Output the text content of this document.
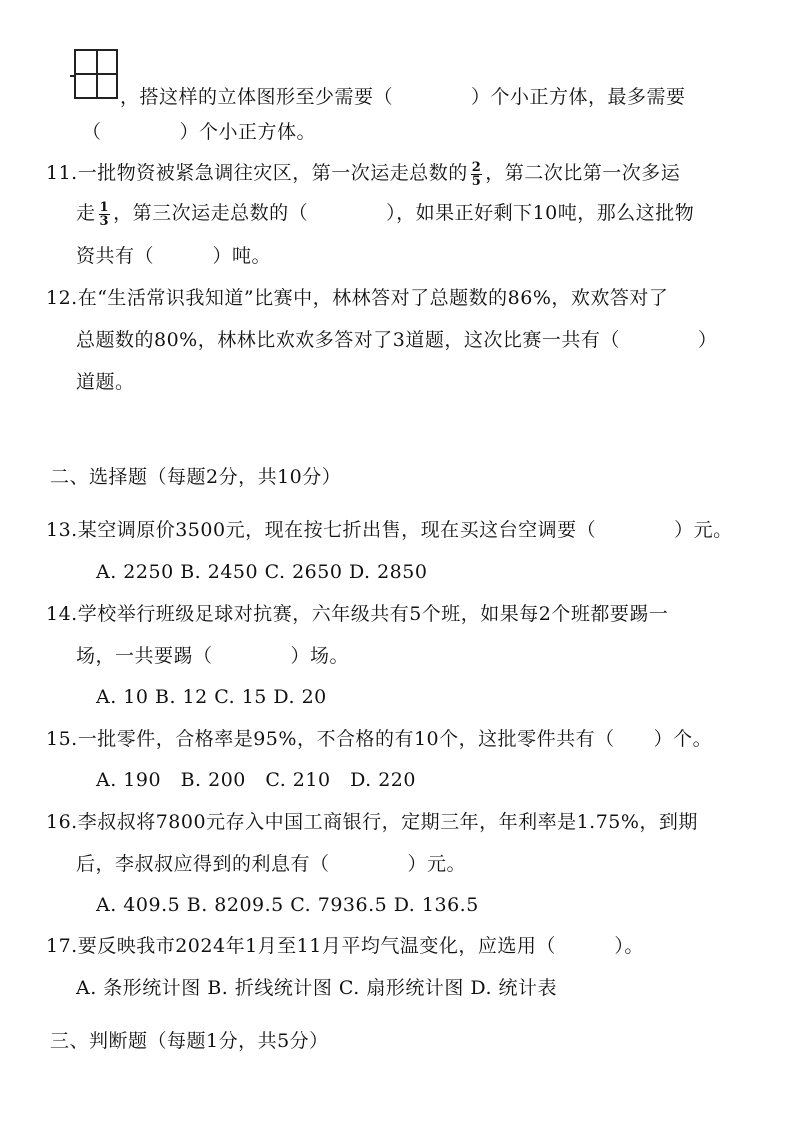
，搭这样的立体图形至少需要（　　　　）个小正方体，最多需要
（　　　　）个小正方体。
11.一批物资被紧急调往灾区，第一次运走总数的 $\frac{2}{5}$ ，第二次比第一次多运
走 $\frac{1}{3}$ ，第三次运走总数的（　　　　），如果正好剩下10吨，那么这批物
资共有（　　　）吨。
12.在“生活常识我知道”比赛中，林林答对了总题数的86%，欢欢答对了
总题数的80%，林林比欢欢多答对了3道题，这次比赛一共有（　　　　）
道题。
二、选择题（每题2分，共10分）
13.某空调原价3500元，现在按七折出售，现在买这台空调要（　　　　）元。
A. 2250 B. 2450 C. 2650 D. 2850
14.学校举行班级足球对抗赛，六年级共有5个班，如果每2个班都要踢一
场，一共要踢（　　　　）场。
A. 10 B. 12 C. 15 D. 20
15.一批零件，合格率是95%，不合格的有10个，这批零件共有（　　）个。
A. 190　B. 200　C. 210　D. 220
16.李叔叔将7800元存入中国工商银行，定期三年，年利率是1.75%，到期
后，李叔叔应得到的利息有（　　　　）元。
A. 409.5 B. 8209.5 C. 7936.5 D. 136.5
17.要反映我市2024年1月至11月平均气温变化，应选用（　　　）。
A. 条形统计图 B. 折线统计图 C. 扇形统计图 D. 统计表
三、判断题（每题1分，共5分）
